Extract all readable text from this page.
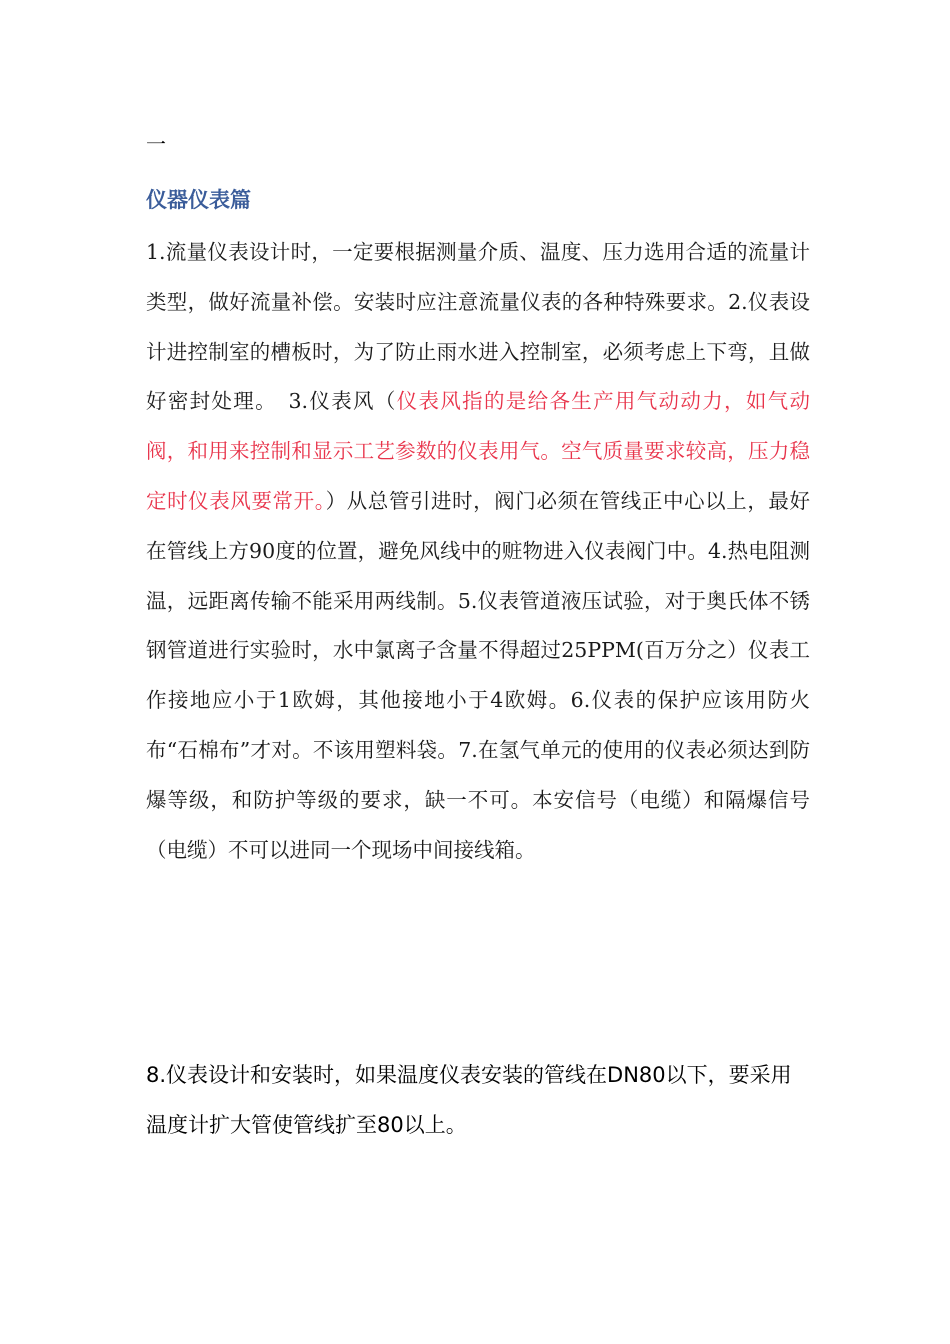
一
仪器仪表篇
1.流量仪表设计时，一定要根据测量介质、温度、压力选用合适的流量计类型，做好流量补偿。安装时应注意流量仪表的各种特殊要求。2.仪表设计进控制室的槽板时，为了防止雨水进入控制室，必须考虑上下弯，且做好密封处理。　3.仪表风（仪表风指的是给各生产用气动动力，如气动阀，和用来控制和显示工艺参数的仪表用气。空气质量要求较高，压力稳定时仪表风要常开。）从总管引进时，阀门必须在管线正中心以上，最好在管线上方90度的位置，避免风线中的赃物进入仪表阀门中。4.热电阻测温，远距离传输不能采用两线制。5.仪表管道液压试验，对于奥氏体不锈钢管道进行实验时，水中氯离子含量不得超过25PPM(百万分之）仪表工作接地应小于1欧姆，其他接地小于4欧姆。6.仪表的保护应该用防火布“石棉布”才对。不该用塑料袋。7.在氢气单元的使用的仪表必须达到防爆等级，和防护等级的要求，缺一不可。本安信号（电缆）和隔爆信号（电缆）不可以进同一个现场中间接线箱。
8.仪表设计和安装时，如果温度仪表安装的管线在DN80以下，要采用温度计扩大管使管线扩至80以上。
